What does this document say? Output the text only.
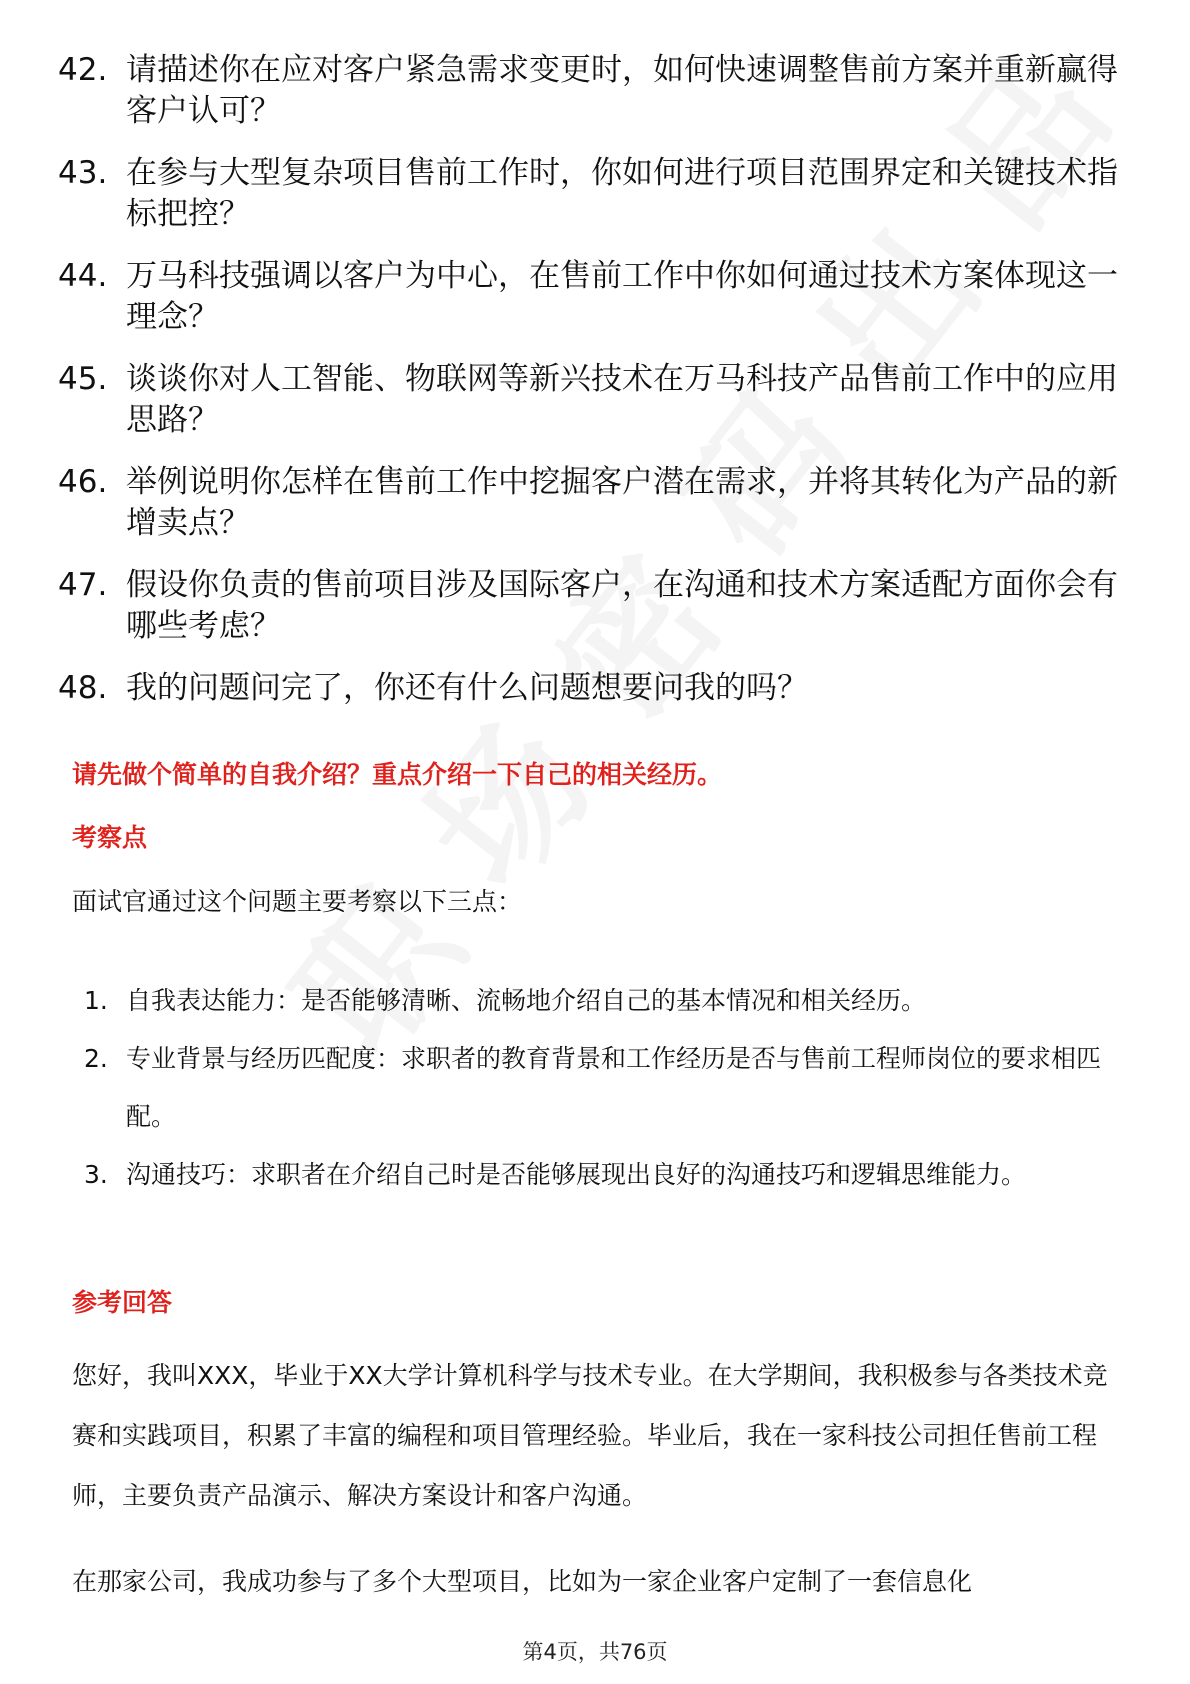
42. 请描述你在应对客户紧急需求变更时，如何快速调整售前方案并重新赢得客户认可？
43. 在参与大型复杂项目售前工作时，你如何进行项目范围界定和关键技术指标把控？
44. 万马科技强调以客户为中心，在售前工作中你如何通过技术方案体现这一理念？
45. 谈谈你对人工智能、物联网等新兴技术在万马科技产品售前工作中的应用思路？
46. 举例说明你怎样在售前工作中挖掘客户潜在需求，并将其转化为产品的新增卖点？
47. 假设你负责的售前项目涉及国际客户，在沟通和技术方案适配方面你会有哪些考虑？
48. 我的问题问完了，你还有什么问题想要问我的吗？
请先做个简单的自我介绍？重点介绍一下自己的相关经历。
考察点
面试官通过这个问题主要考察以下三点：
1. 自我表达能力：是否能够清晰、流畅地介绍自己的基本情况和相关经历。
2. 专业背景与经历匹配度：求职者的教育背景和工作经历是否与售前工程师岗位的要求相匹配。
3. 沟通技巧：求职者在介绍自己时是否能够展现出良好的沟通技巧和逻辑思维能力。
参考回答

您好，我叫XXX，毕业于XX大学计算机科学与技术专业。在大学期间，我积极参与各类技术竞赛和实践项目，积累了丰富的编程和项目管理经验。毕业后，我在一家科技公司担任售前工程师，主要负责产品演示、解决方案设计和客户沟通。

在那家公司，我成功参与了多个大型项目，比如为一家企业客户定制了一套信息化

第4页，共76页
